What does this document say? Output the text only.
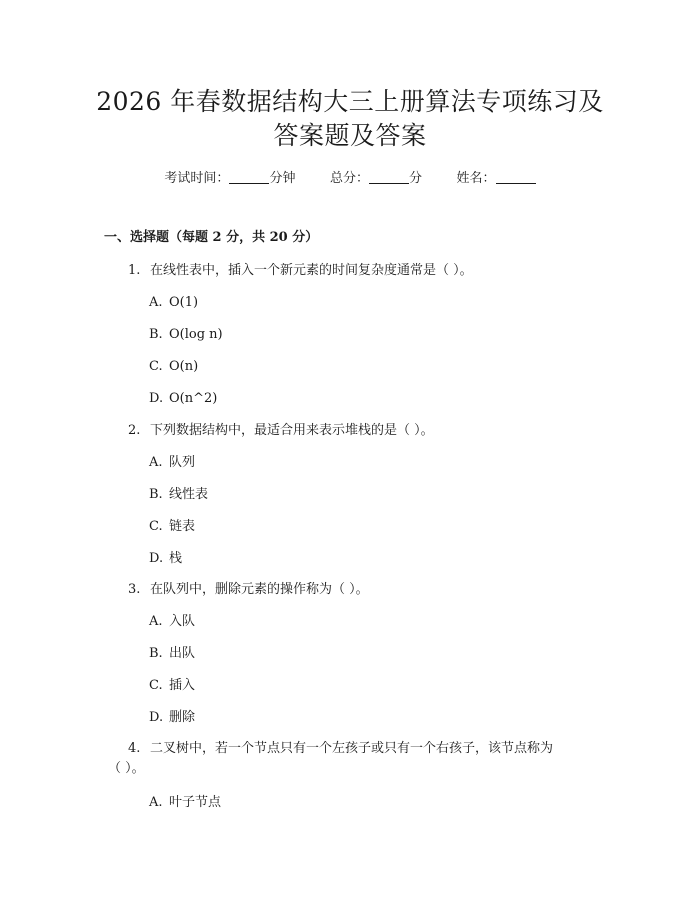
2026 年春数据结构大三上册算法专项练习及
答案题及答案
考试时间：	分钟	总分：	分	姓名：
一、选择题（每题 2 分，共 20 分）
1. 在线性表中，插入一个新元素的时间复杂度通常是（ ）。
A. O(1)
B. O(log n)
C. O(n)
D. O(n^2)
2. 下列数据结构中，最适合用来表示堆栈的是（ ）。
A. 队列
B. 线性表
C. 链表
D. 栈
3. 在队列中，删除元素的操作称为（ ）。
A. 入队
B. 出队
C. 插入
D. 删除
4. 二叉树中，若一个节点只有一个左孩子或只有一个右孩子，该节点称为
（ ）。
A. 叶子节点
